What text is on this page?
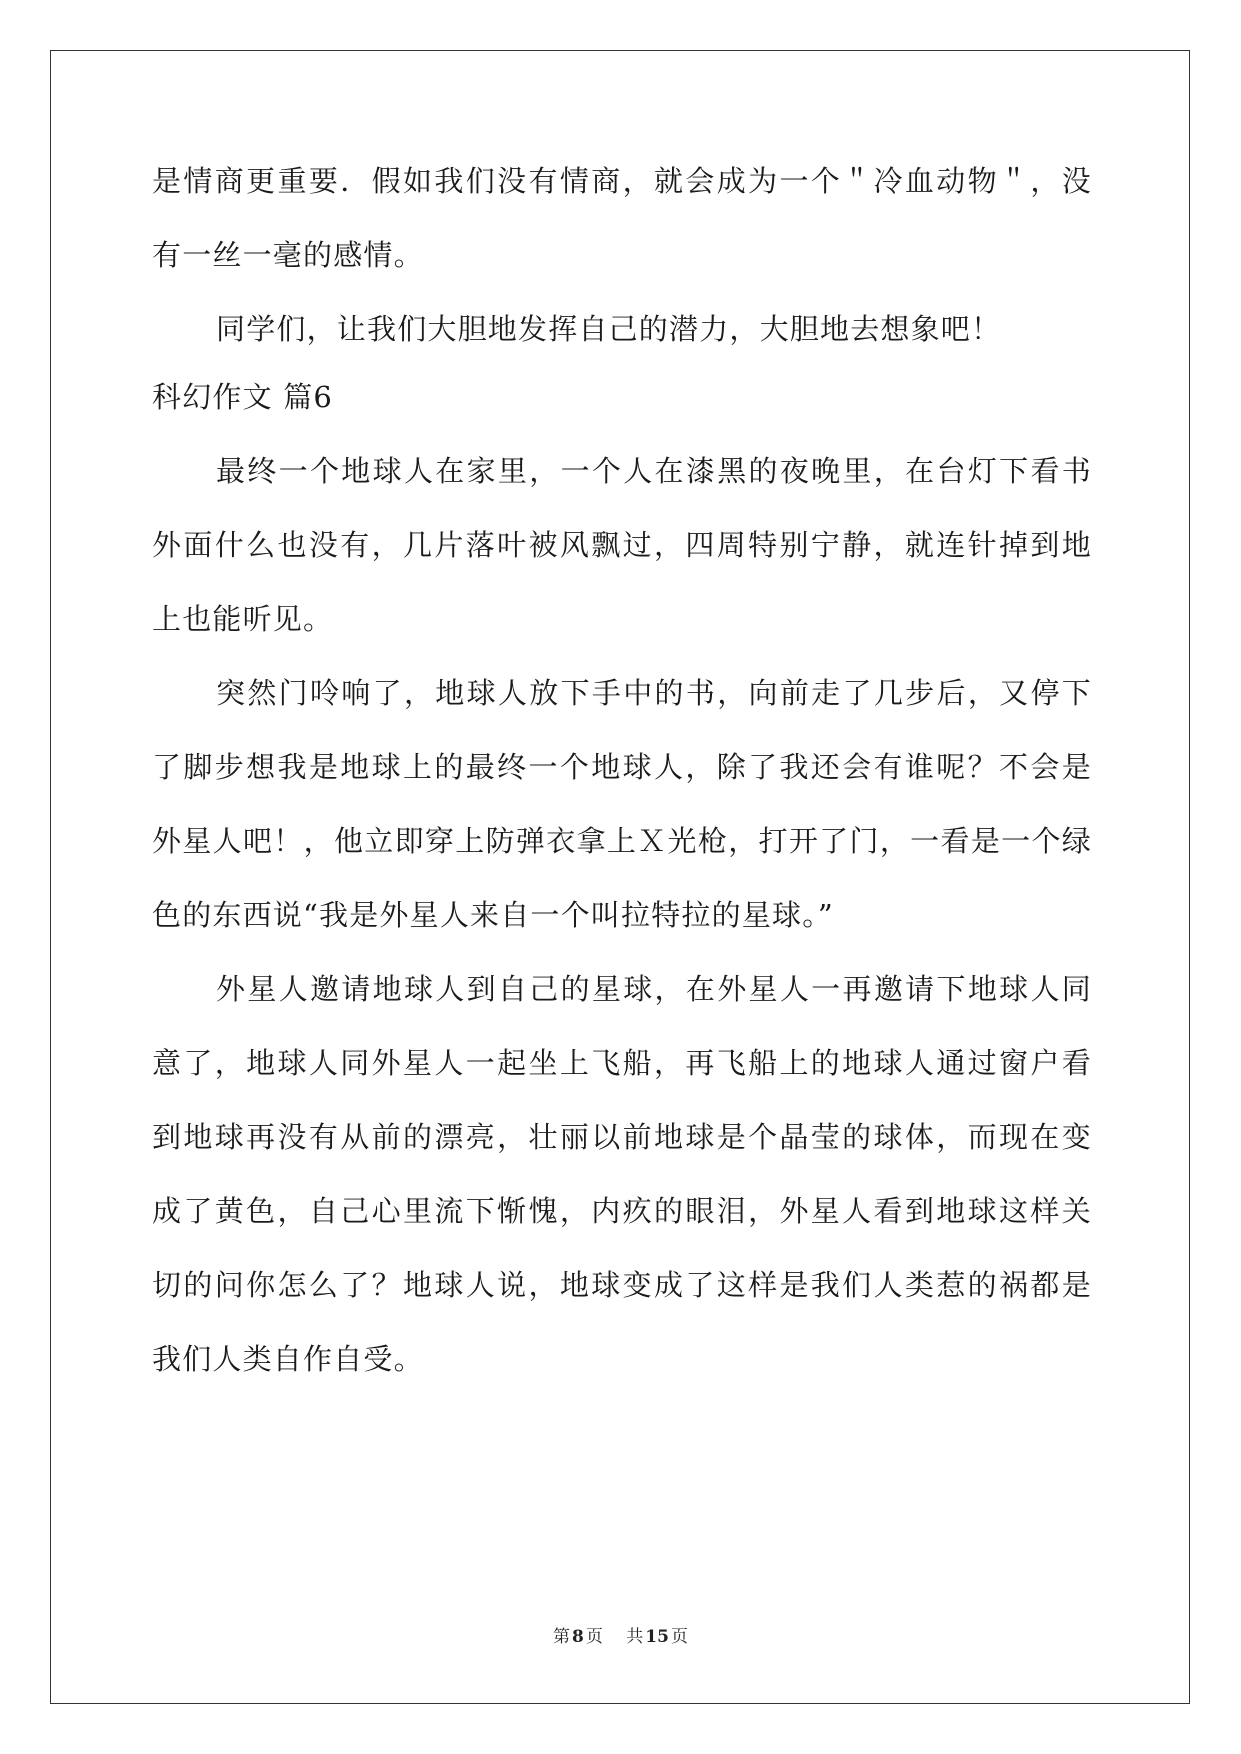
是情商更重要．假如我们没有情商，就会成为一个＂冷血动物＂，没
有一丝一毫的感情。
同学们，让我们大胆地发挥自己的潜力，大胆地去想象吧！
科幻作文 篇6
最终一个地球人在家里，一个人在漆黑的夜晚里，在台灯下看书
外面什么也没有，几片落叶被风飘过，四周特别宁静，就连针掉到地
上也能听见。
突然门呤响了，地球人放下手中的书，向前走了几步后，又停下
了脚步想我是地球上的最终一个地球人，除了我还会有谁呢？不会是
外星人吧！，他立即穿上防弹衣拿上Ｘ光枪，打开了门，一看是一个绿
色的东西说“我是外星人来自一个叫拉特拉的星球。”
外星人邀请地球人到自己的星球，在外星人一再邀请下地球人同
意了，地球人同外星人一起坐上飞船，再飞船上的地球人通过窗户看
到地球再没有从前的漂亮，壮丽以前地球是个晶莹的球体，而现在变
成了黄色，自己心里流下惭愧，内疚的眼泪，外星人看到地球这样关
切的问你怎么了？地球人说，地球变成了这样是我们人类惹的祸都是
我们人类自作自受。
第 8 页 共 15 页
